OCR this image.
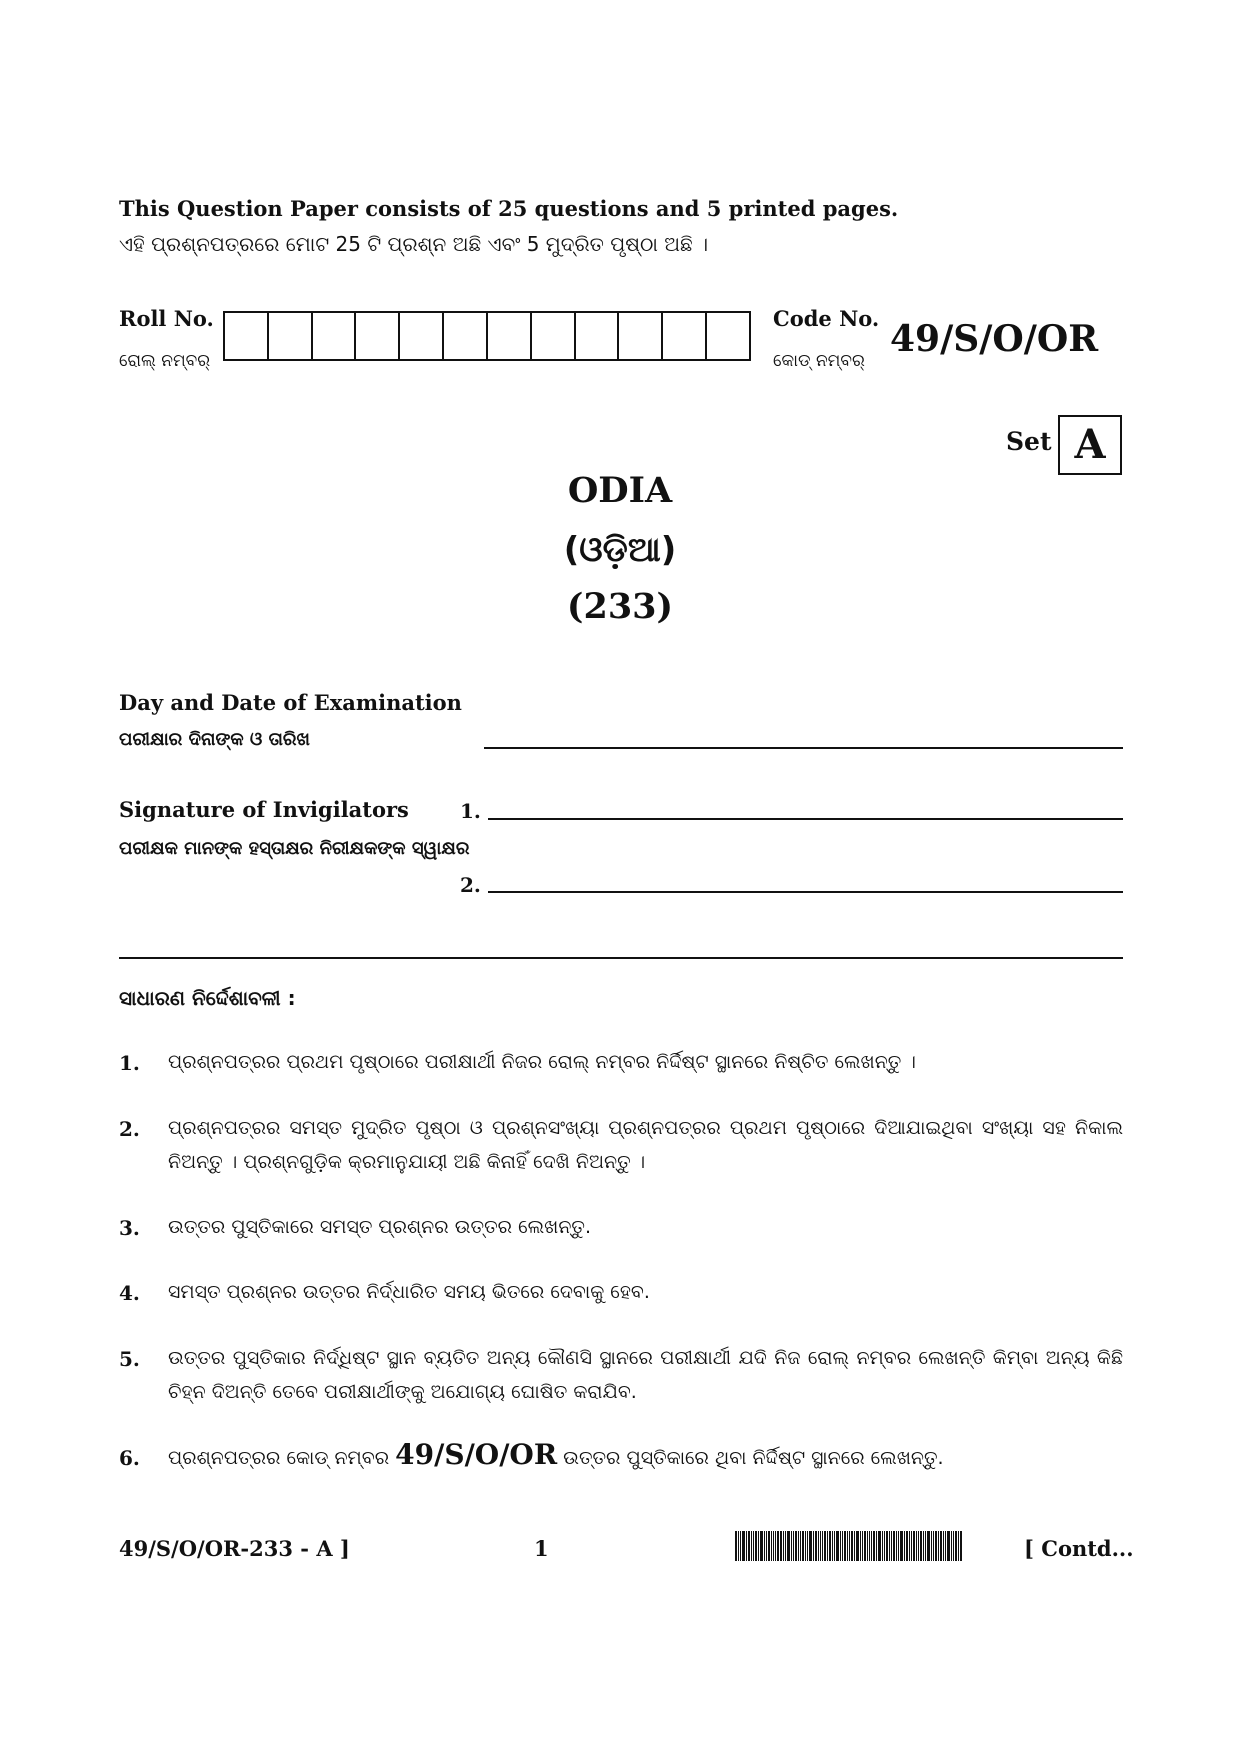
This Question Paper consists of 25 questions and 5 printed pages.
ଏହି ପ୍ରଶ୍ନପତ୍ରରେ ମୋଟ 25 ଟି ପ୍ରଶ୍ନ ଅଛି ଏବଂ 5 ମୁଦ୍ରିତ ପୃଷ୍ଠା ଅଛି ।
Roll No.
ରୋଲ୍ ନମ୍ବର୍
Code No.
କୋଡ୍ ନମ୍ବର୍
49/S/O/OR
Set A
ODIA
(ଓଡ଼ିଆ)
(233)
Day and Date of Examination
ପରୀକ୍ଷାର ଦିନାଙ୍କ ଓ ତାରିଖ
Signature of Invigilators
ପରୀକ୍ଷକ ମାନଙ୍କ ହସ୍ତାକ୍ଷର ନିରୀକ୍ଷକଙ୍କ ସ୍ୱାକ୍ଷର
1.
2.
ସାଧାରଣ ନିର୍ଦ୍ଦେଶାବଳୀ :
1. ପ୍ରଶ୍ନପତ୍ରର ପ୍ରଥମ ପୃଷ୍ଠାରେ ପରୀକ୍ଷାର୍ଥୀ ନିଜର ରୋଲ୍ ନମ୍ବର ନିର୍ଦ୍ଦିଷ୍ଟ ସ୍ଥାନରେ ନିଷ୍ଚିତ ଲେଖନ୍ତୁ ।
2. ପ୍ରଶ୍ନପତ୍ରର ସମସ୍ତ ମୁଦ୍ରିତ ପୃଷ୍ଠା ଓ ପ୍ରଶ୍ନସଂଖ୍ୟା ପ୍ରଶ୍ନପତ୍ରର ପ୍ରଥମ ପୃଷ୍ଠାରେ ଦିଆଯାଇଥିବା ସଂଖ୍ୟା ସହ ନିକାଲ ନିଅନ୍ତୁ । ପ୍ରଶ୍ନଗୁଡ଼ିକ କ୍ରମାନୁଯାୟୀ ଅଛି କିନାହିଁ ଦେଖି ନିଅନ୍ତୁ ।
3. ଉତ୍ତର ପୁସ୍ତିକାରେ ସମସ୍ତ ପ୍ରଶ୍ନର ଉତ୍ତର ଲେଖନ୍ତୁ.
4. ସମସ୍ତ ପ୍ରଶ୍ନର ଉତ୍ତର ନିର୍ଦ୍ଧାରିତ ସମୟ ଭିତରେ ଦେବାକୁ ହେବ.
5. ଉତ୍ତର ପୁସ୍ତିକାର ନିର୍ଦ୍ଧିଷ୍ଟ ସ୍ଥାନ ବ୍ୟତିତ ଅନ୍ୟ କୌଣସି ସ୍ଥାନରେ ପରୀକ୍ଷାର୍ଥୀ ଯଦି ନିଜ ରୋଲ୍ ନମ୍ବର ଲେଖନ୍ତି କିମ୍ବା ଅନ୍ୟ କିଛି ଚିହ୍ନ ଦିଅନ୍ତି ତେବେ ପରୀକ୍ଷାର୍ଥୀଙ୍କୁ ଅଯୋଗ୍ୟ ଘୋଷିତ କରାଯିବ.
6. ପ୍ରଶ୍ନପତ୍ରର କୋଡ୍ ନମ୍ବର 49/S/O/OR ଉତ୍ତର ପୁସ୍ତିକାରେ ଥିବା ନିର୍ଦ୍ଦିଷ୍ଟ ସ୍ଥାନରେ ଲେଖନ୍ତୁ.
49/S/O/OR-233 - A ]	1	[ Contd...
